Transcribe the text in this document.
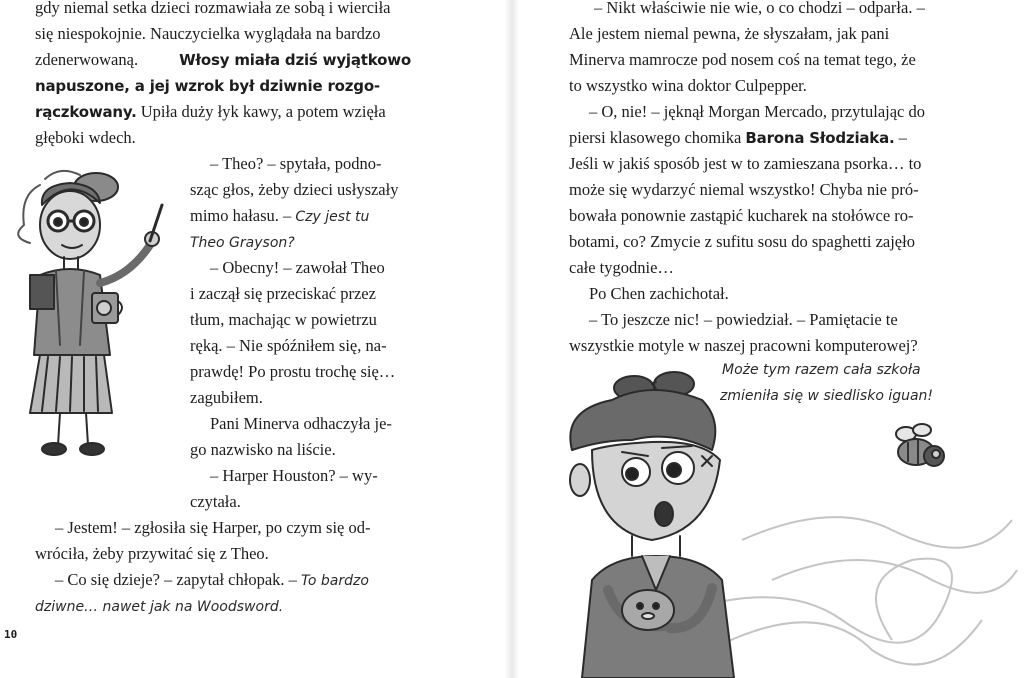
gdy niemal setka dzieci rozmawiała ze sobą i wierciła
się niespokojnie. Nauczycielka wyglądała na bardzo
zdenerwowaną.	Włosy miała dziś wyjątkowo
napuszone, a jej wzrok był dziwnie rozgo-
rączkowany. Upiła duży łyk kawy, a potem wzięła
głęboki wdech.
– Theo? – spytała, podno-
sząc głos, żeby dzieci usłyszały
mimo hałasu. – Czy jest tu
Theo Grayson?
– Obecny! – zawołał Theo
i zaczął się przeciskać przez
tłum, machając w powietrzu
ręką. – Nie spóźniłem się, na-
prawdę! Po prostu trochę się…
zagubiłem.
Pani Minerva odhaczyła je-
go nazwisko na liście.
– Harper Houston? – wy-
czytała.
– Jestem! – zgłosiła się Harper, po czym się od-
wróciła, żeby przywitać się z Theo.
– Co się dzieje? – zapytał chłopak. – To bardzo
dziwne… nawet jak na Woodsword.
10
– Nikt właściwie nie wie, o co chodzi – odparła. –
Ale jestem niemal pewna, że słyszałam, jak pani
Minerva mamrocze pod nosem coś na temat tego, że
to wszystko wina doktor Culpepper.
– O, nie! – jęknął Morgan Mercado, przytulając do
piersi klasowego chomika Barona Słodziaka. –
Jeśli w jakiś sposób jest w to zamieszana psorka… to
może się wydarzyć niemal wszystko! Chyba nie pró-
bowała ponownie zastąpić kucharek na stołówce ro-
botami, co? Zmycie z sufitu sosu do spaghetti zajęło
całe tygodnie…
Po Chen zachichotał.
– To jeszcze nic! – powiedział. – Pamiętacie te
wszystkie motyle w naszej pracowni komputerowej?
Może tym razem cała szkoła
zmieniła się w siedlisko iguan!
